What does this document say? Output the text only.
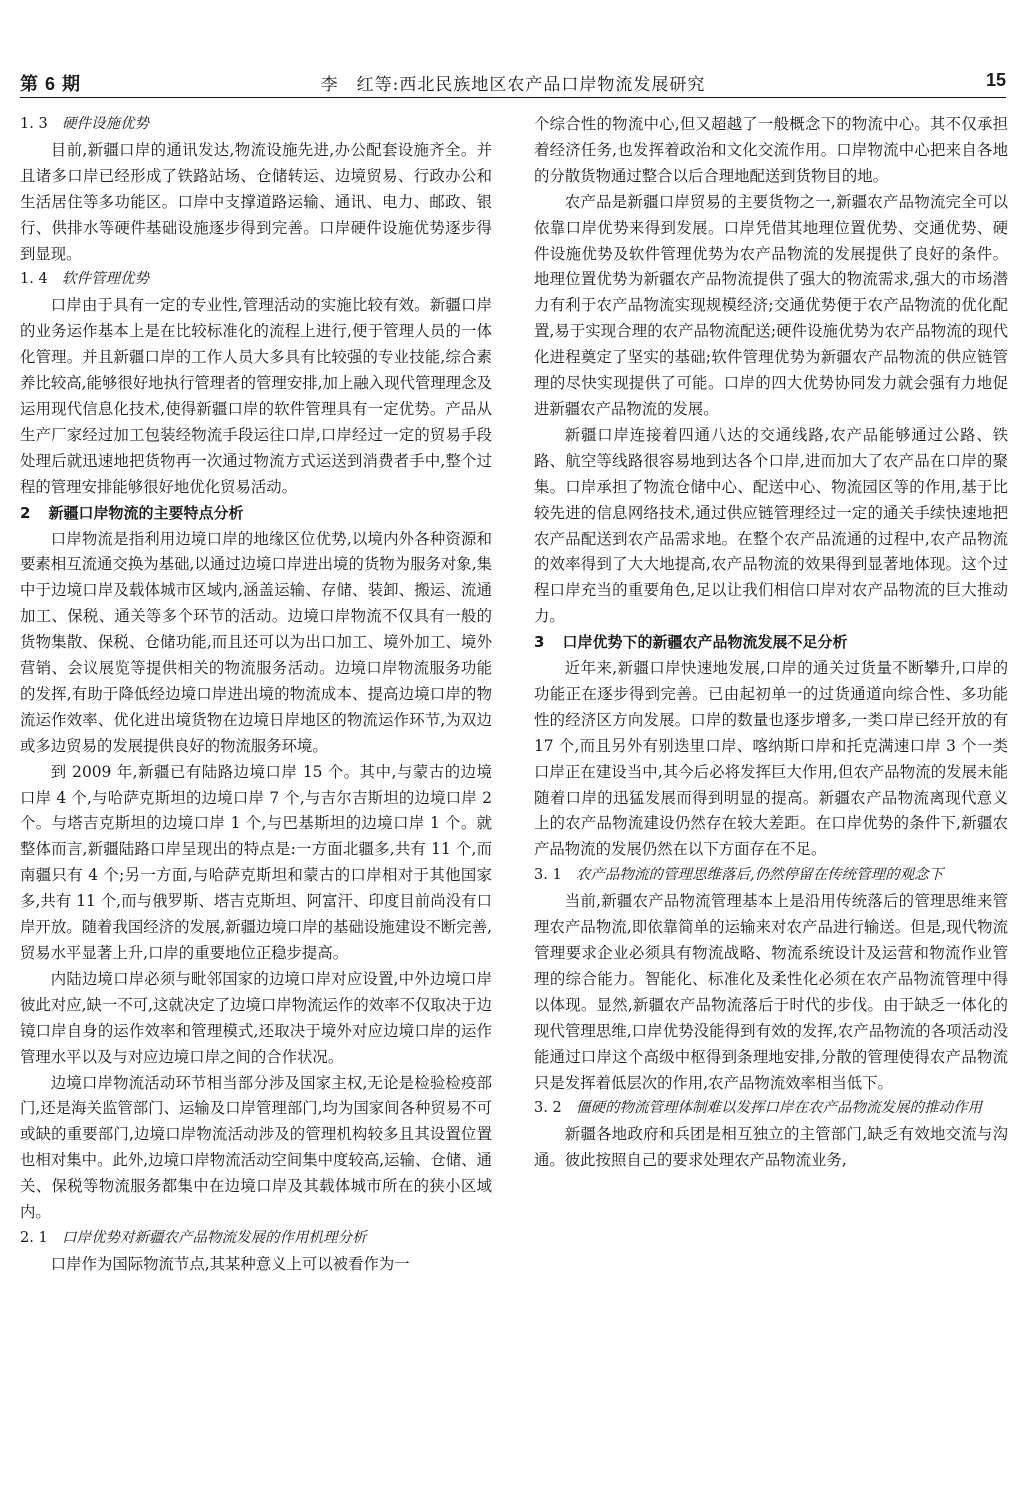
第 6 期	李　红等:西北民族地区农产品口岸物流发展研究	15
1. 3 硬件设施优势

目前,新疆口岸的通讯发达,物流设施先进,办公配套设施齐全。并且诸多口岸已经形成了铁路站场、仓储转运、边境贸易、行政办公和生活居住等多功能区。口岸中支撑道路运输、通讯、电力、邮政、银行、供排水等硬件基础设施逐步得到完善。口岸硬件设施优势逐步得到显现。

1. 4 软件管理优势

口岸由于具有一定的专业性,管理活动的实施比较有效。新疆口岸的业务运作基本上是在比较标准化的流程上进行,便于管理人员的一体化管理。并且新疆口岸的工作人员大多具有比较强的专业技能,综合素养比较高,能够很好地执行管理者的管理安排,加上融入现代管理理念及运用现代信息化技术,使得新疆口岸的软件管理具有一定优势。产品从生产厂家经过加工包装经物流手段运往口岸,口岸经过一定的贸易手段处理后就迅速地把货物再一次通过物流方式运送到消费者手中,整个过程的管理安排能够很好地优化贸易活动。

2 新疆口岸物流的主要特点分析

口岸物流是指利用边境口岸的地缘区位优势,以境内外各种资源和要素相互流通交换为基础,以通过边境口岸进出境的货物为服务对象,集中于边境口岸及载体城市区域内,涵盖运输、存储、装卸、搬运、流通加工、保税、通关等多个环节的活动。边境口岸物流不仅具有一般的货物集散、保税、仓储功能,而且还可以为出口加工、境外加工、境外营销、会议展览等提供相关的物流服务活动。边境口岸物流服务功能的发挥,有助于降低经边境口岸进出境的物流成本、提高边境口岸的物流运作效率、优化进出境货物在边境日岸地区的物流运作环节,为双边或多边贸易的发展提供良好的物流服务环境。

到 2009 年,新疆已有陆路边境口岸 15 个。其中,与蒙古的边境口岸 4 个,与哈萨克斯坦的边境口岸 7 个,与吉尔吉斯坦的边境口岸 2 个。与塔吉克斯坦的边境口岸 1 个,与巴基斯坦的边境口岸 1 个。就整体而言,新疆陆路口岸呈现出的特点是:一方面北疆多,共有 11 个,而南疆只有 4 个;另一方面,与哈萨克斯坦和蒙古的口岸相对于其他国家多,共有 11 个,而与俄罗斯、塔吉克斯坦、阿富汗、印度目前尚没有口岸开放。随着我国经济的发展,新疆边境口岸的基础设施建设不断完善,贸易水平显著上升,口岸的重要地位正稳步提高。

内陆边境口岸必须与毗邻国家的边境口岸对应设置,中外边境口岸彼此对应,缺一不可,这就决定了边境口岸物流运作的效率不仅取决于边镜口岸自身的运作效率和管理模式,还取决于境外对应边境口岸的运作管理水平以及与对应边境口岸之间的合作状况。

边境口岸物流活动环节相当部分涉及国家主权,无论是检验检疫部门,还是海关监管部门、运输及口岸管理部门,均为国家间各种贸易不可或缺的重要部门,边境口岸物流活动涉及的管理机构较多且其设置位置也相对集中。此外,边境口岸物流活动空间集中度较高,运输、仓储、通关、保税等物流服务都集中在边境口岸及其载体城市所在的狭小区域内。

2. 1 口岸优势对新疆农产品物流发展的作用机理分析

口岸作为国际物流节点,其某种意义上可以被看作为一

个综合性的物流中心,但又超越了一般概念下的物流中心。其不仅承担着经济任务,也发挥着政治和文化交流作用。口岸物流中心把来自各地的分散货物通过整合以后合理地配送到货物目的地。

农产品是新疆口岸贸易的主要货物之一,新疆农产品物流完全可以依靠口岸优势来得到发展。口岸凭借其地理位置优势、交通优势、硬件设施优势及软件管理优势为农产品物流的发展提供了良好的条件。地理位置优势为新疆农产品物流提供了强大的物流需求,强大的市场潜力有利于农产品物流实现规模经济;交通优势便于农产品物流的优化配置,易于实现合理的农产品物流配送;硬件设施优势为农产品物流的现代化进程奠定了坚实的基础;软件管理优势为新疆农产品物流的供应链管理的尽快实现提供了可能。口岸的四大优势协同发力就会强有力地促进新疆农产品物流的发展。

新疆口岸连接着四通八达的交通线路,农产品能够通过公路、铁路、航空等线路很容易地到达各个口岸,进而加大了农产品在口岸的聚集。口岸承担了物流仓储中心、配送中心、物流园区等的作用,基于比较先进的信息网络技术,通过供应链管理经过一定的通关手续快速地把农产品配送到农产品需求地。在整个农产品流通的过程中,农产品物流的效率得到了大大地提高,农产品物流的效果得到显著地体现。这个过程口岸充当的重要角色,足以让我们相信口岸对农产品物流的巨大推动力。

3 口岸优势下的新疆农产品物流发展不足分析

近年来,新疆口岸快速地发展,口岸的通关过货量不断攀升,口岸的功能正在逐步得到完善。已由起初单一的过货通道向综合性、多功能性的经济区方向发展。口岸的数量也逐步增多,一类口岸已经开放的有 17 个,而且另外有别迭里口岸、喀纳斯口岸和托克满速口岸 3 个一类口岸正在建设当中,其今后必将发挥巨大作用,但农产品物流的发展未能随着口岸的迅猛发展而得到明显的提高。新疆农产品物流离现代意义上的农产品物流建设仍然存在较大差距。在口岸优势的条件下,新疆农产品物流的发展仍然在以下方面存在不足。

3. 1 农产品物流的管理思维落后,仍然停留在传统管理的观念下

当前,新疆农产品物流管理基本上是沿用传统落后的管理思维来管理农产品物流,即依靠简单的运输来对农产品进行输送。但是,现代物流管理要求企业必须具有物流战略、物流系统设计及运营和物流作业管理的综合能力。智能化、标准化及柔性化必须在农产品物流管理中得以体现。显然,新疆农产品物流落后于时代的步伐。由于缺乏一体化的现代管理思维,口岸优势没能得到有效的发挥,农产品物流的各项活动没能通过口岸这个高级中枢得到条理地安排,分散的管理使得农产品物流只是发挥着低层次的作用,农产品物流效率相当低下。

3. 2 僵硬的物流管理体制难以发挥口岸在农产品物流发展的推动作用

新疆各地政府和兵团是相互独立的主管部门,缺乏有效地交流与沟通。彼此按照自己的要求处理农产品物流业务,
